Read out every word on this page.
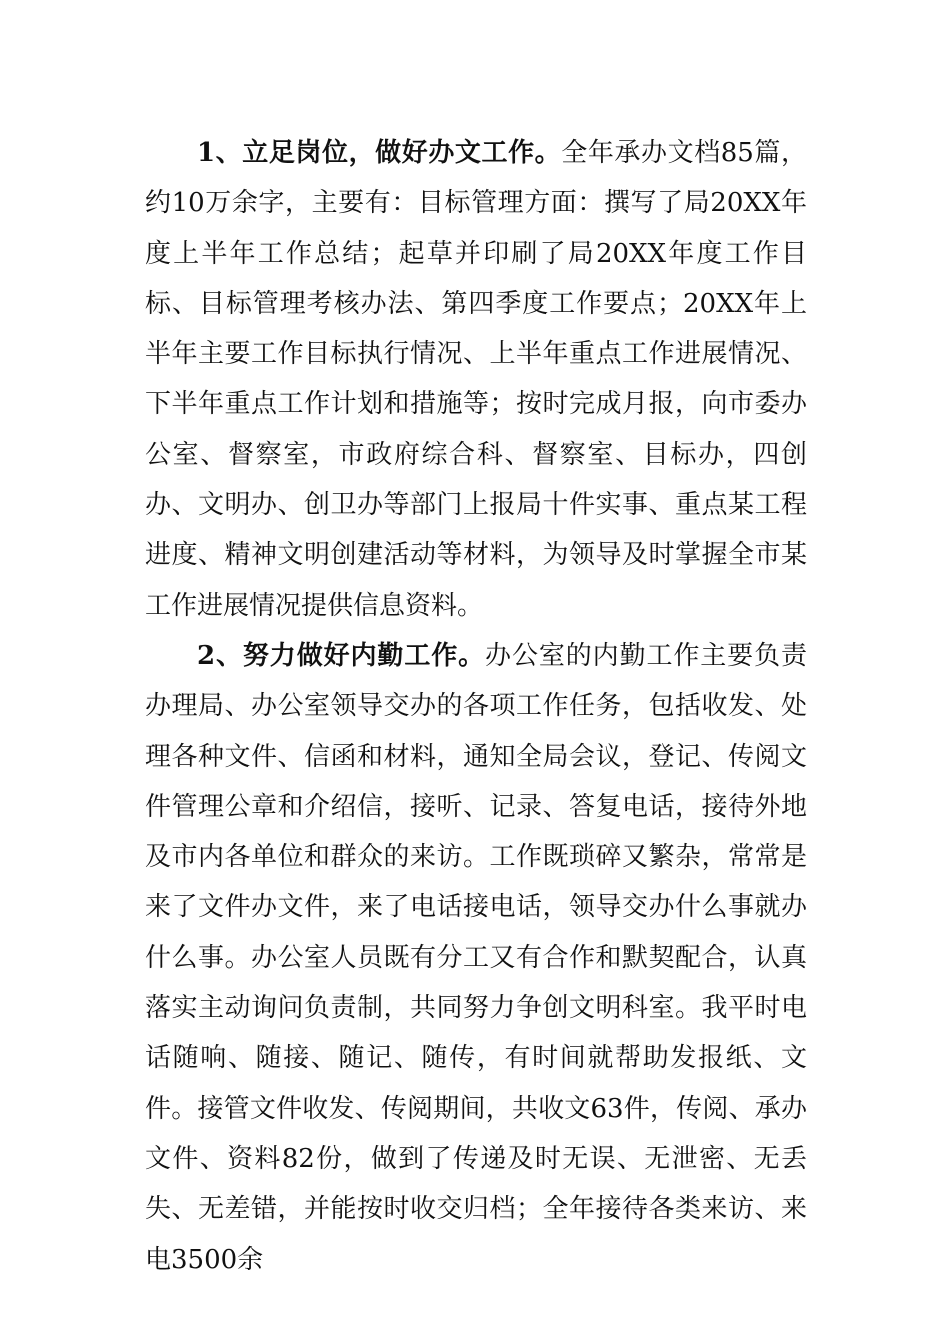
1、立足岗位，做好办文工作。全年承办文档85篇，约10万余字，主要有：目标管理方面：撰写了局20XX年度上半年工作总结；起草并印刷了局20XX年度工作目标、目标管理考核办法、第四季度工作要点；20XX年上半年主要工作目标执行情况、上半年重点工作进展情况、下半年重点工作计划和措施等；按时完成月报，向市委办公室、督察室，市政府综合科、督察室、目标办，四创办、文明办、创卫办等部门上报局十件实事、重点某工程进度、精神文明创建活动等材料，为领导及时掌握全市某工作进展情况提供信息资料。

2、努力做好内勤工作。办公室的内勤工作主要负责办理局、办公室领导交办的各项工作任务，包括收发、处理各种文件、信函和材料，通知全局会议，登记、传阅文件管理公章和介绍信，接听、记录、答复电话，接待外地及市内各单位和群众的来访。工作既琐碎又繁杂，常常是来了文件办文件，来了电话接电话，领导交办什么事就办什么事。办公室人员既有分工又有合作和默契配合，认真落实主动询问负责制，共同努力争创文明科室。我平时电话随响、随接、随记、随传，有时间就帮助发报纸、文件。接管文件收发、传阅期间，共收文63件，传阅、承办文件、资料82份，做到了传递及时无误、无泄密、无丢失、无差错，并能按时收交归档；全年接待各类来访、来电3500余
